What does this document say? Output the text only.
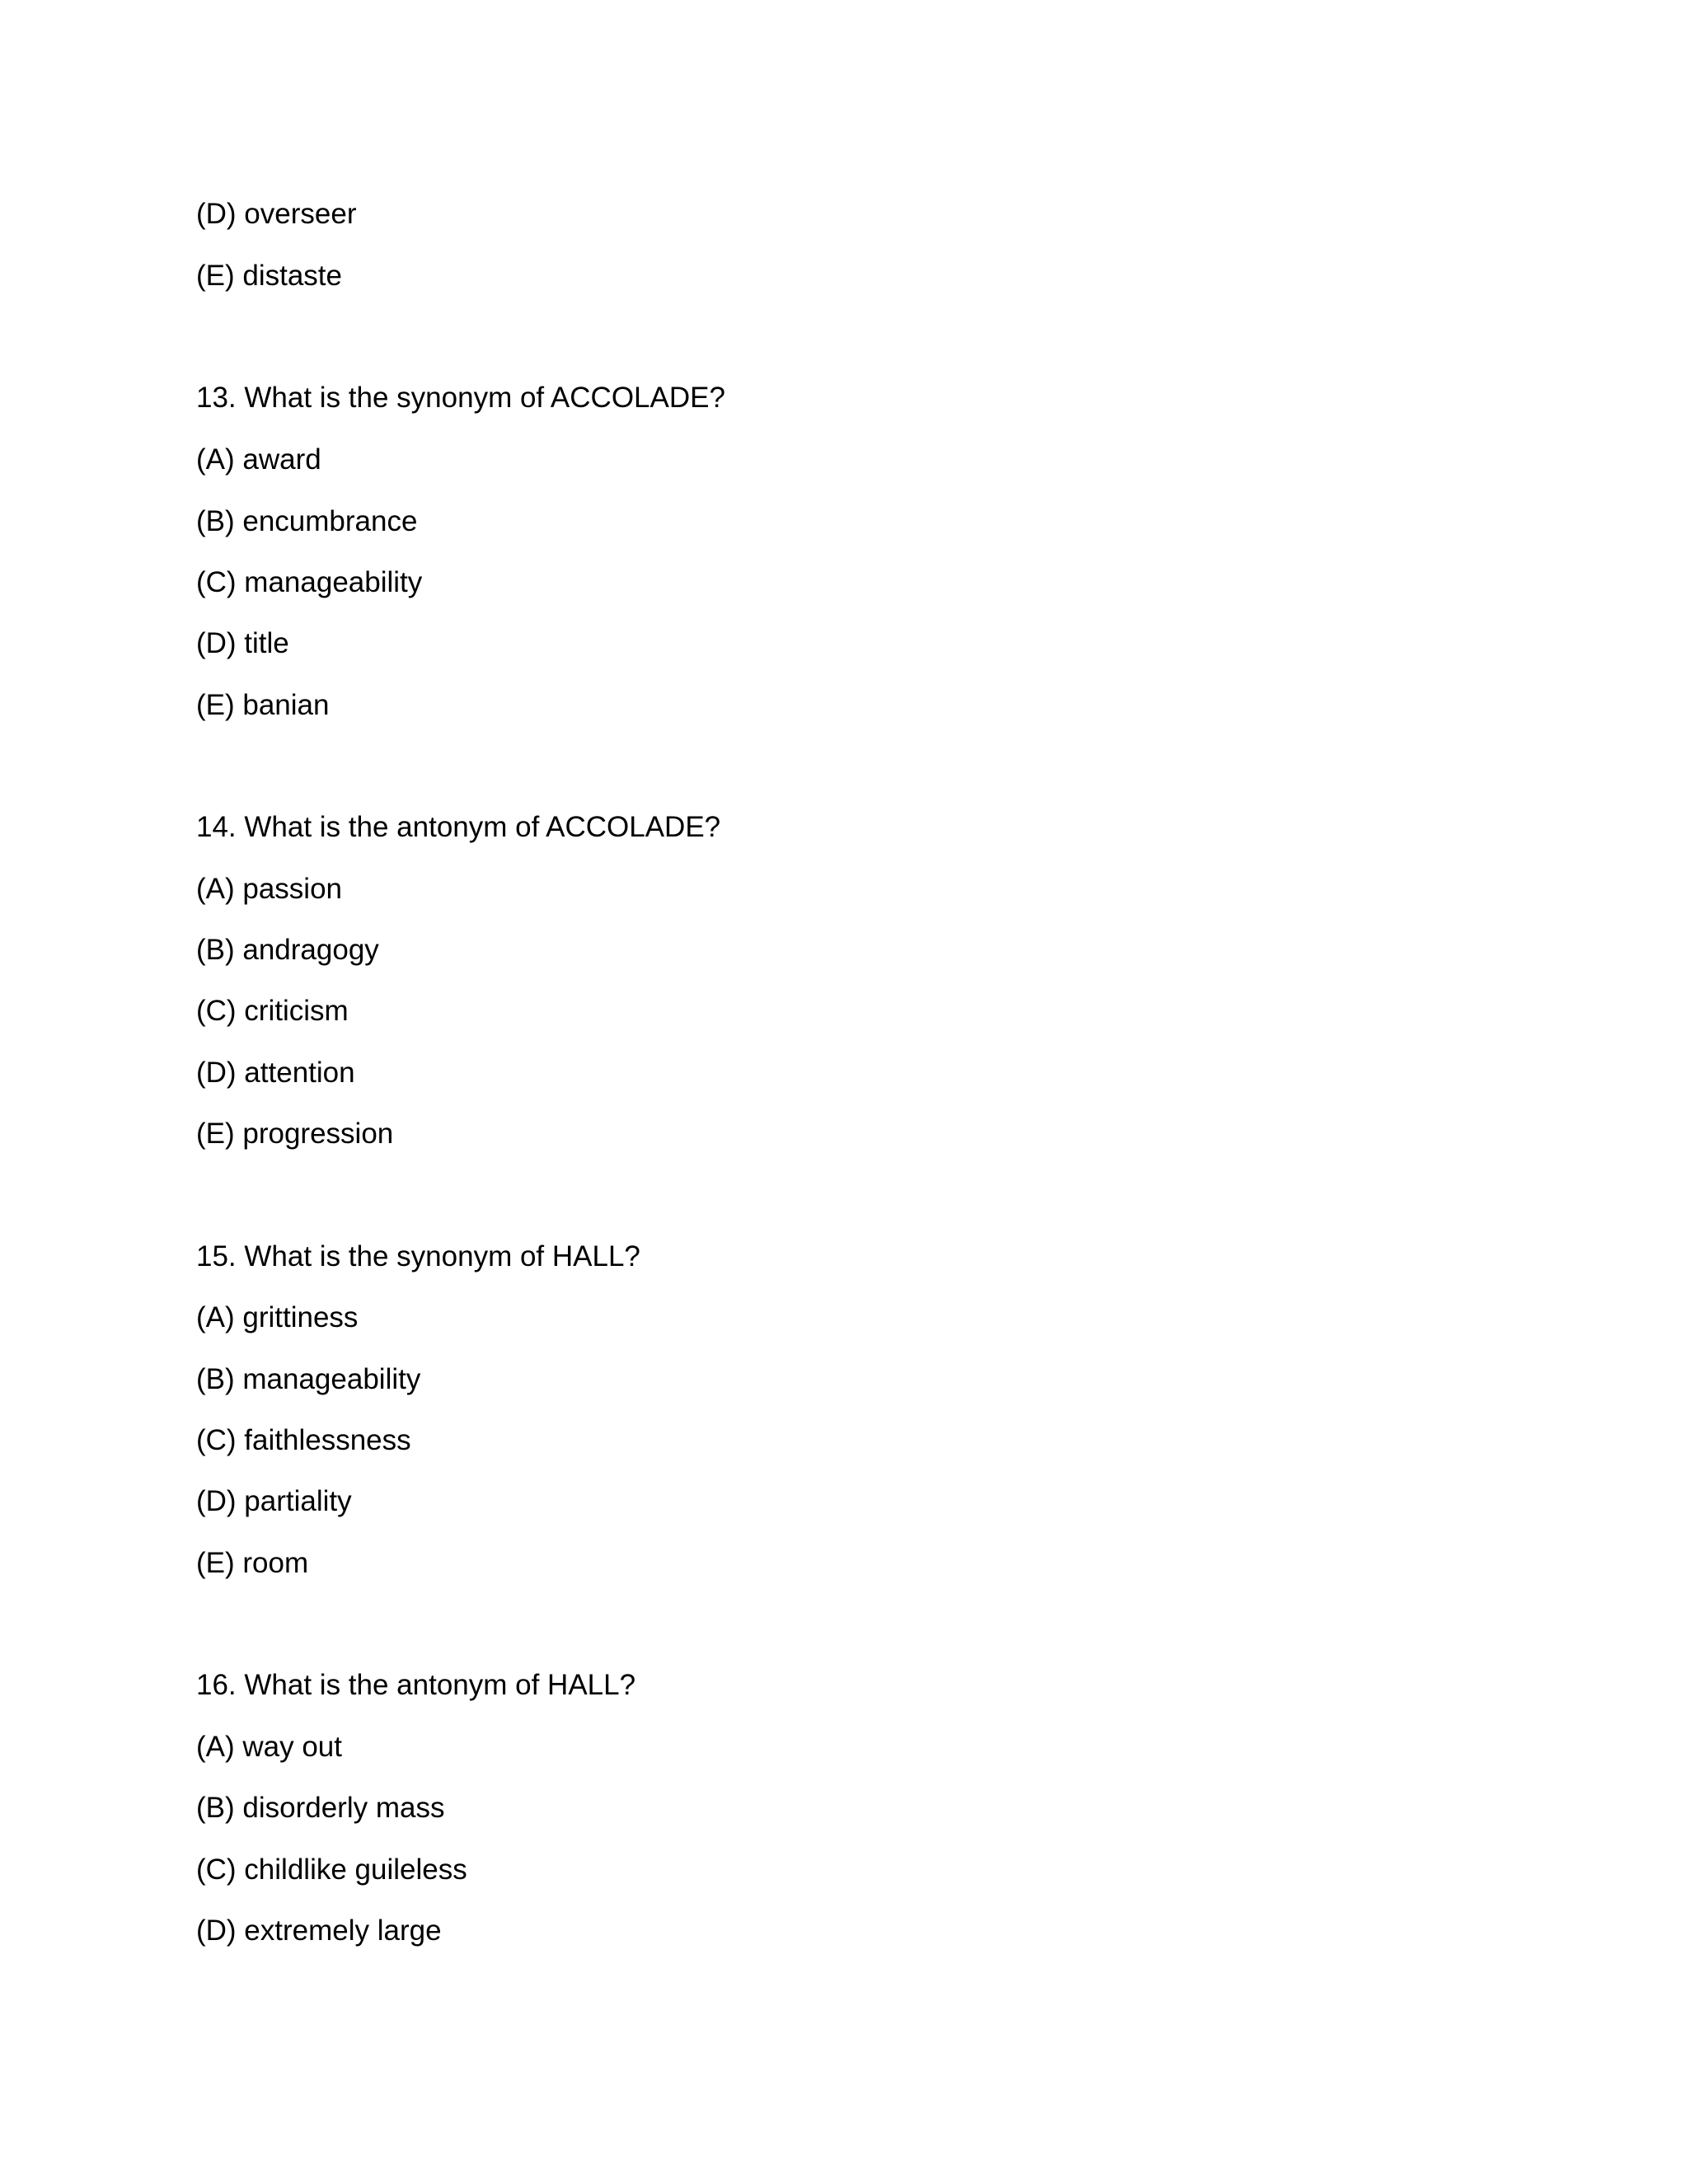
(D) overseer
(E) distaste
13. What is the synonym of ACCOLADE?
(A) award
(B) encumbrance
(C) manageability
(D) title
(E) banian
14. What is the antonym of ACCOLADE?
(A) passion
(B) andragogy
(C) criticism
(D) attention
(E) progression
15. What is the synonym of HALL?
(A) grittiness
(B) manageability
(C) faithlessness
(D) partiality
(E) room
16. What is the antonym of HALL?
(A) way out
(B) disorderly mass
(C) childlike guileless
(D) extremely large
